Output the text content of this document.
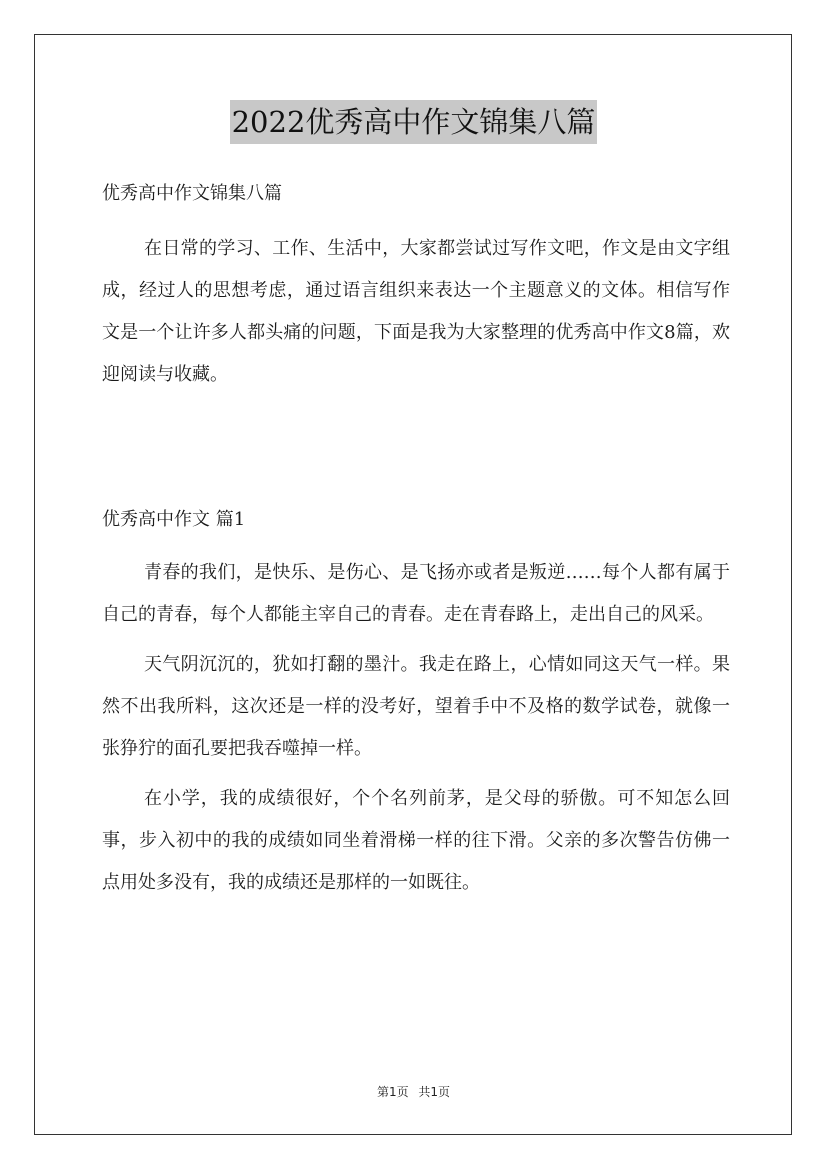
2022优秀高中作文锦集八篇

优秀高中作文锦集八篇

在日常的学习、工作、生活中，大家都尝试过写作文吧，作文是由文字组成，经过人的思想考虑，通过语言组织来表达一个主题意义的文体。相信写作文是一个让许多人都头痛的问题，下面是我为大家整理的优秀高中作文8篇，欢迎阅读与收藏。

优秀高中作文 篇1

青春的我们，是快乐、是伤心、是飞扬亦或者是叛逆……每个人都有属于自己的青春，每个人都能主宰自己的青春。走在青春路上，走出自己的风采。

天气阴沉沉的，犹如打翻的墨汁。我走在路上，心情如同这天气一样。果然不出我所料，这次还是一样的没考好，望着手中不及格的数学试卷，就像一张狰狞的面孔要把我吞噬掉一样。

在小学，我的成绩很好，个个名列前茅，是父母的骄傲。可不知怎么回事，步入初中的我的成绩如同坐着滑梯一样的往下滑。父亲的多次警告仿佛一点用处多没有，我的成绩还是那样的一如既往。

第1页 共1页
